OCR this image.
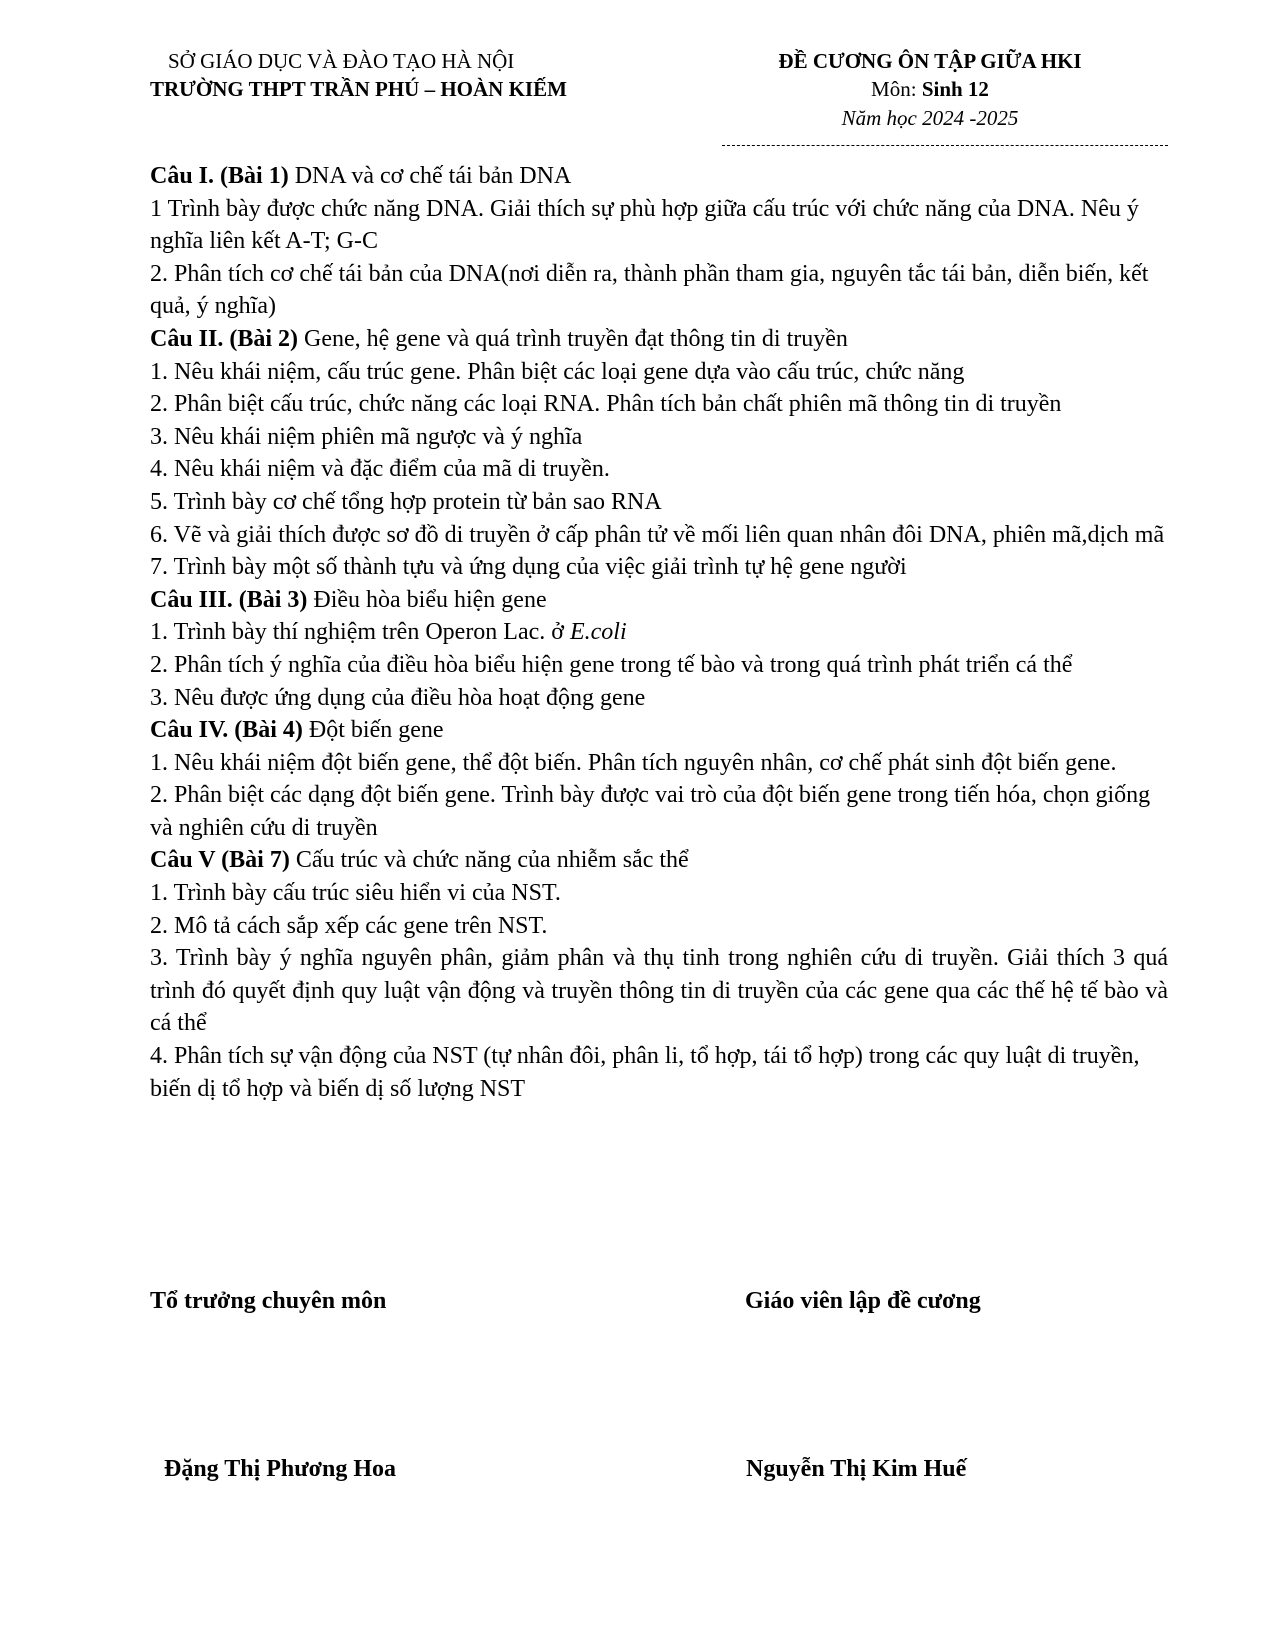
SỞ GIÁO DỤC VÀ ĐÀO TẠO HÀ NỘI
TRƯỜNG THPT TRẦN PHÚ – HOÀN KIẾM
ĐỀ CƯƠNG ÔN TẬP GIỮA HKI
Môn: Sinh 12
Năm học 2024 -2025
Câu I. (Bài 1) DNA và cơ chế tái bản DNA
1 Trình bày được chức năng DNA. Giải thích sự phù hợp giữa cấu trúc với chức năng của DNA. Nêu ý nghĩa liên kết A-T; G-C
2. Phân tích cơ chế tái bản của DNA(nơi diễn ra, thành phần tham gia, nguyên tắc tái bản, diễn biến, kết quả, ý nghĩa)
Câu II. (Bài 2) Gene, hệ gene và quá trình truyền đạt thông tin di truyền
1. Nêu khái niệm, cấu trúc gene. Phân biệt các loại gene dựa vào cấu trúc, chức năng
2. Phân biệt cấu trúc, chức năng các loại RNA. Phân tích bản chất phiên mã thông tin di truyền
3. Nêu khái niệm phiên mã ngược và ý nghĩa
4. Nêu khái niệm và đặc điểm của mã di truyền.
5. Trình bày cơ chế tổng hợp protein từ bản sao RNA
6. Vẽ và giải thích được sơ đồ di truyền ở cấp phân tử về mối liên quan nhân đôi DNA, phiên mã,dịch mã
7. Trình bày một số thành tựu và ứng dụng của việc giải trình tự hệ gene người
Câu III. (Bài 3) Điều hòa biểu hiện gene
1. Trình bày thí nghiệm trên Operon Lac. ở E.coli
2. Phân tích ý nghĩa của điều hòa biểu hiện gene trong tế bào và trong quá trình phát triển cá thể
3. Nêu được ứng dụng của điều hòa hoạt động gene
Câu IV. (Bài 4) Đột biến gene
1. Nêu khái niệm đột biến gene, thể đột biến. Phân tích nguyên nhân, cơ chế phát sinh đột biến gene.
2. Phân biệt các dạng đột biến gene. Trình bày được vai trò của đột biến gene trong tiến hóa, chọn giống và nghiên cứu di truyền
Câu V (Bài 7) Cấu trúc và chức năng của nhiễm sắc thể
1. Trình bày cấu trúc siêu hiển vi của NST.
2. Mô tả cách sắp xếp các gene trên NST.
3. Trình bày ý nghĩa nguyên phân, giảm phân và thụ tinh trong nghiên cứu di truyền. Giải thích 3 quá trình đó quyết định quy luật vận động và truyền thông tin di truyền của các gene qua các thế hệ tế bào và cá thể
4. Phân tích sự vận động của NST (tự nhân đôi, phân li, tổ hợp, tái tổ hợp) trong các quy luật di truyền, biến dị tổ hợp và biến dị số lượng NST
Tổ trưởng chuyên môn	Giáo viên lập đề cương
Đặng Thị Phương Hoa	Nguyễn Thị Kim Huế
